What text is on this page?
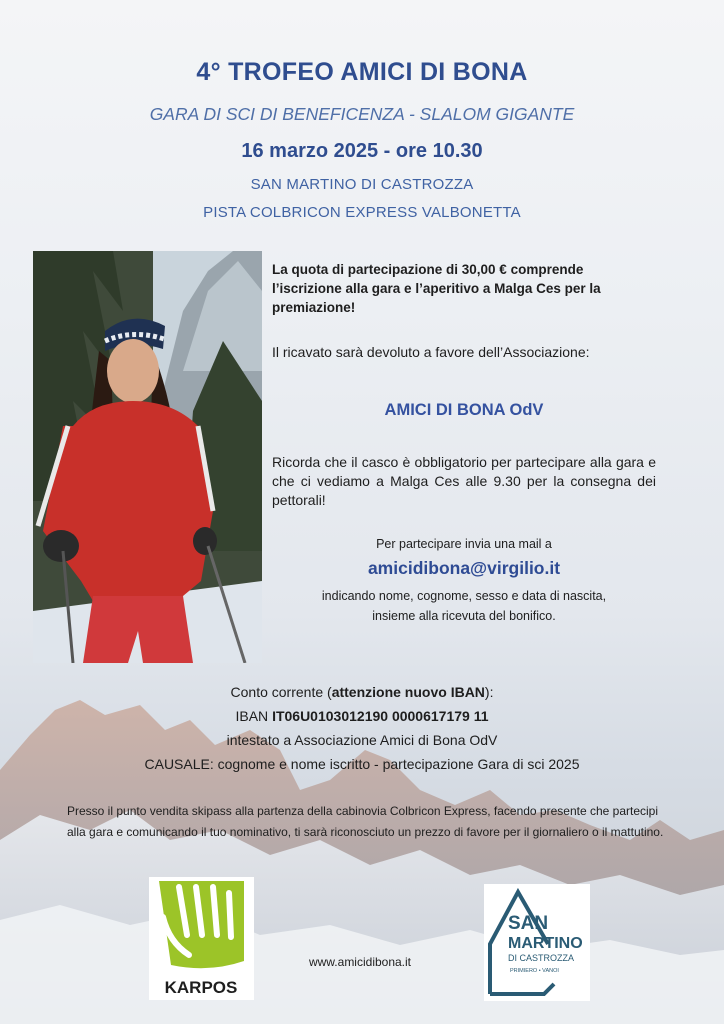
4° TROFEO AMICI DI BONA
GARA DI SCI DI BENEFICENZA - SLALOM GIGANTE
16 marzo 2025 - ore 10.30
SAN MARTINO DI CASTROZZA
PISTA COLBRICON EXPRESS VALBONETTA
La quota di partecipazione di 30,00 € comprende l’iscrizione alla gara e l’aperitivo a Malga Ces per la premiazione!
Il ricavato sarà devoluto a favore dell’Associazione:
AMICI DI BONA OdV
Ricorda che il casco è obbligatorio per partecipare alla gara e che ci vediamo a Malga Ces alle 9.30 per la consegna dei pettorali!
Per partecipare invia una mail a
amicidibona@virgilio.it
indicando nome, cognome, sesso e data di nascita,
insieme alla ricevuta del bonifico.
Conto corrente (attenzione nuovo IBAN):
IBAN IT06U0103012190 0000617179 11
intestato a Associazione Amici di Bona OdV
CAUSALE: cognome e nome iscritto - partecipazione Gara di sci 2025
Presso il punto vendita skipass alla partenza della cabinovia Colbricon Express, facendo presente che partecipi alla gara e comunicando il tuo nominativo, ti sarà riconosciuto un prezzo di favore per il giornaliero o il mattutino.
KARPOS
www.amicidibona.it
SAN
MARTINO
DI CASTROZZA
PRIMIERO • VANOI
